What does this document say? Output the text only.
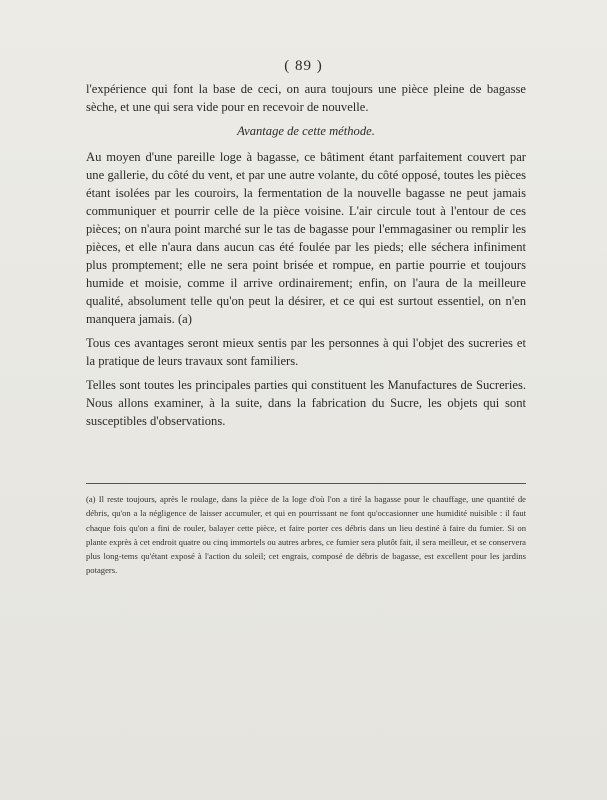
( 89 )

l'expérience qui font la base de ceci, on aura toujours une pièce pleine de bagasse sèche, et une qui sera vide pour en recevoir de nouvelle.

Avantage de cette méthode.

Au moyen d'une pareille loge à bagasse, ce bâtiment étant parfaitement couvert par une gallerie, du côté du vent, et par une autre volante, du côté opposé, toutes les pièces étant isolées par les couroirs, la fermentation de la nouvelle bagasse ne peut jamais communiquer et pourrir celle de la pièce voisine. L'air circule tout à l'entour de ces pièces; on n'aura point marché sur le tas de bagasse pour l'emmagasiner ou remplir les pièces, et elle n'aura dans aucun cas été foulée par les pieds; elle séchera infiniment plus promptement; elle ne sera point brisée et rompue, en partie pourrie et toujours humide et moisie, comme il arrive ordinairement; enfin, on l'aura de la meilleure qualité, absolument telle qu'on peut la désirer, et ce qui est surtout essentiel, on n'en manquera jamais. (a)

Tous ces avantages seront mieux sentis par les personnes à qui l'objet des sucreries et la pratique de leurs travaux sont familiers.

Telles sont toutes les principales parties qui constituent les Manufactures de Sucreries. Nous allons examiner, à la suite, dans la fabrication du Sucre, les objets qui sont susceptibles d'observations.

(a) Il reste toujours, après le roulage, dans la pièce de la loge d'où l'on a tiré la bagasse pour le chauffage, une quantité de débris, qu'on a la négligence de laisser accumuler, et qui en pourrissant ne font qu'occasionner une humidité nuisible : il faut chaque fois qu'on a fini de rouler, balayer cette pièce, et faire porter ces débris dans un lieu destiné à faire du fumier. Si on plante exprès à cet endroit quatre ou cinq immortels ou autres arbres, ce fumier sera plutôt fait, il sera meilleur, et se conservera plus long-tems qu'étant exposé à l'action du soleil; cet engrais, composé de débris de bagasse, est excellent pour les jardins potagers.
